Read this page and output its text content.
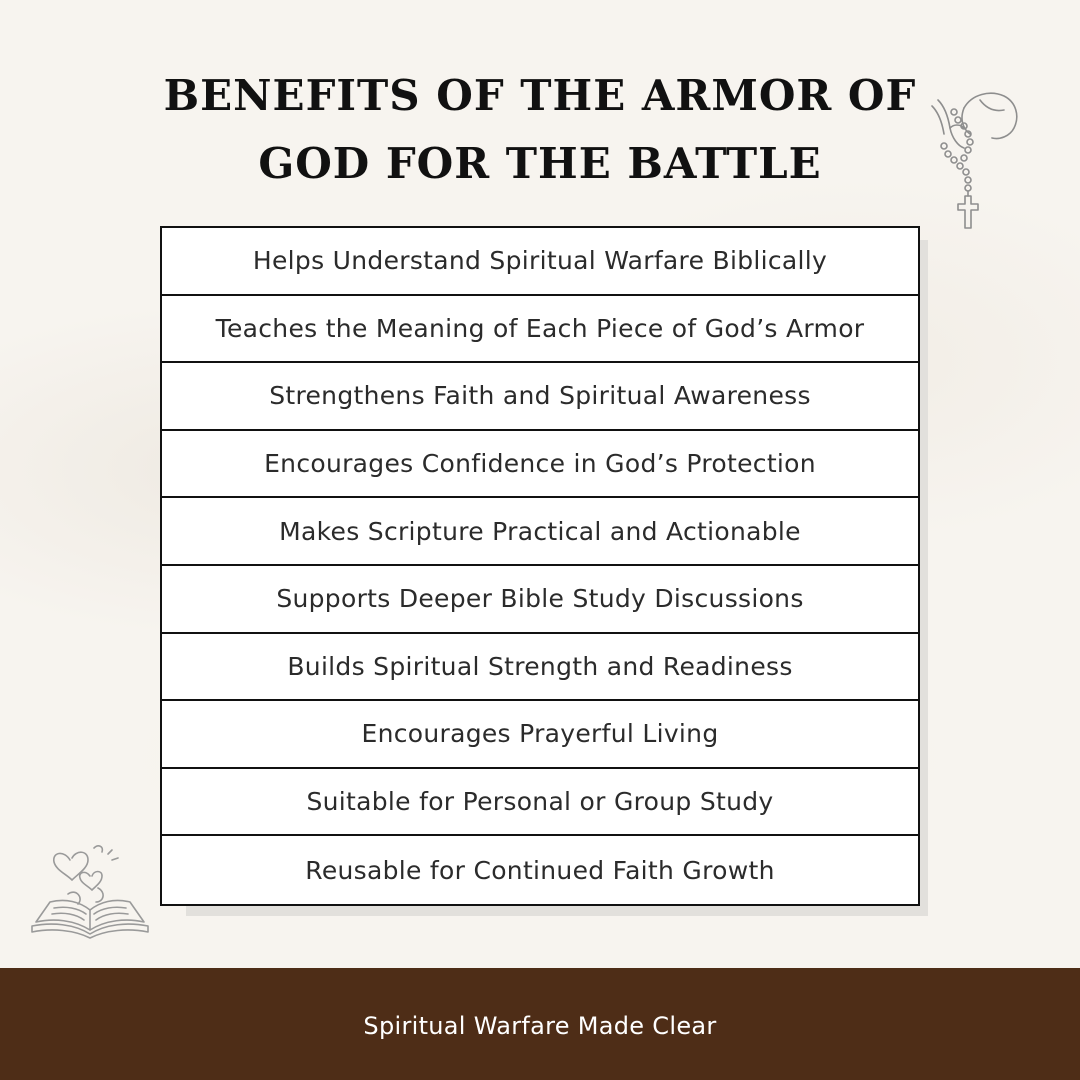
BENEFITS OF THE ARMOR OF
GOD FOR THE BATTLE
Helps Understand Spiritual Warfare Biblically
Teaches the Meaning of Each Piece of God’s Armor
Strengthens Faith and Spiritual Awareness
Encourages Confidence in God’s Protection
Makes Scripture Practical and Actionable
Supports Deeper Bible Study Discussions
Builds Spiritual Strength and Readiness
Encourages Prayerful Living
Suitable for Personal or Group Study
Reusable for Continued Faith Growth
Spiritual Warfare Made Clear
